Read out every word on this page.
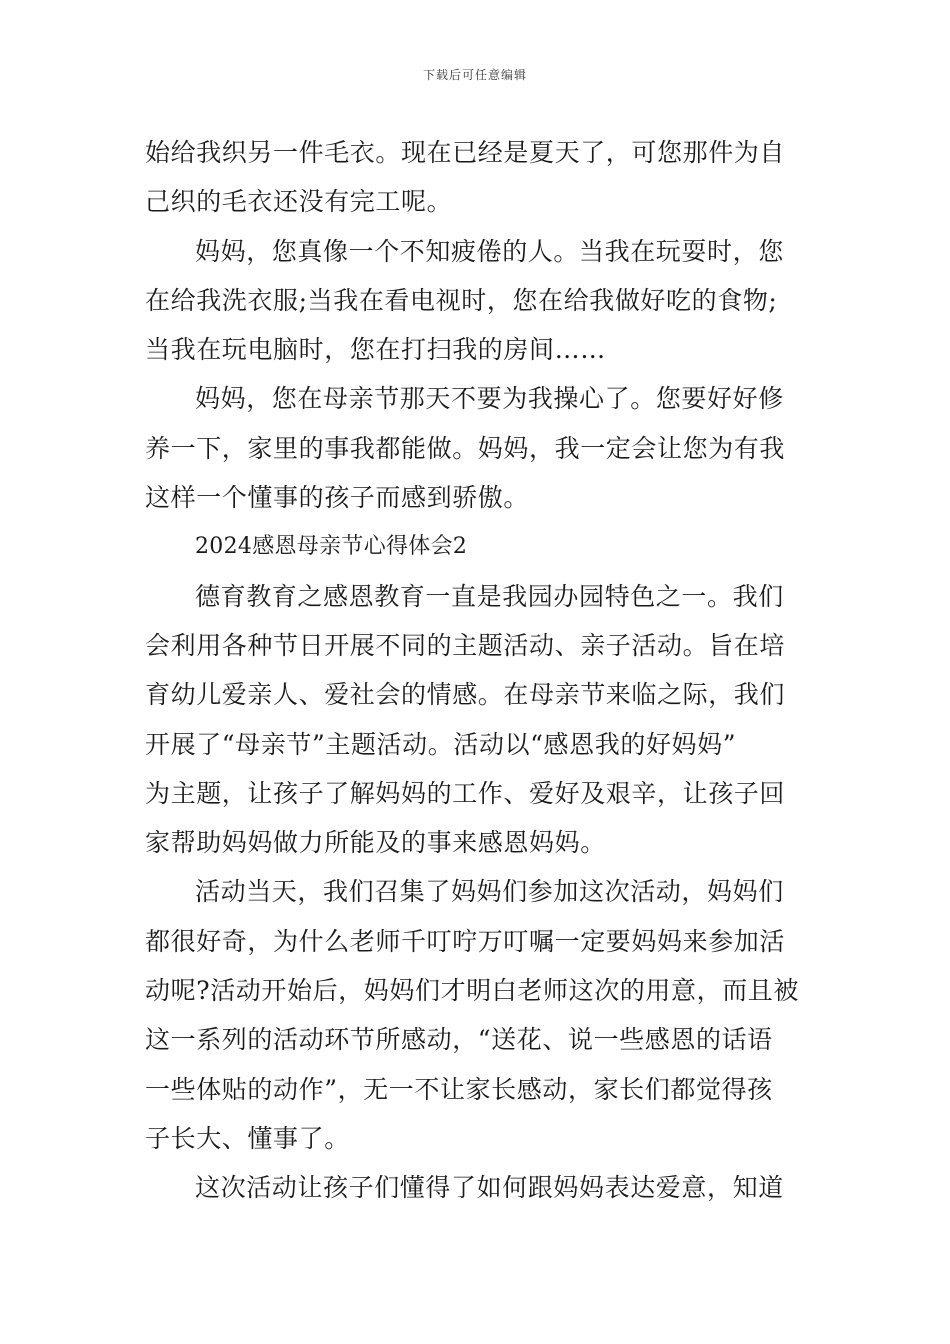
下载后可任意编辑
始给我织另一件毛衣。现在已经是夏天了，可您那件为自
己织的毛衣还没有完工呢。
妈妈，您真像一个不知疲倦的人。当我在玩耍时，您
在给我洗衣服;当我在看电视时，您在给我做好吃的食物;
当我在玩电脑时，您在打扫我的房间……
妈妈，您在母亲节那天不要为我操心了。您要好好修
养一下，家里的事我都能做。妈妈，我一定会让您为有我
这样一个懂事的孩子而感到骄傲。
2024感恩母亲节心得体会2
德育教育之感恩教育一直是我园办园特色之一。我们
会利用各种节日开展不同的主题活动、亲子活动。旨在培
育幼儿爱亲人、爱社会的情感。在母亲节来临之际，我们
开展了“母亲节”主题活动。活动以“感恩我的好妈妈”
为主题，让孩子了解妈妈的工作、爱好及艰辛，让孩子回
家帮助妈妈做力所能及的事来感恩妈妈。
活动当天，我们召集了妈妈们参加这次活动，妈妈们
都很好奇，为什么老师千叮咛万叮嘱一定要妈妈来参加活
动呢?活动开始后，妈妈们才明白老师这次的用意，而且被
这一系列的活动环节所感动，“送花、说一些感恩的话语
一些体贴的动作”，无一不让家长感动，家长们都觉得孩
子长大、懂事了。
这次活动让孩子们懂得了如何跟妈妈表达爱意，知道
